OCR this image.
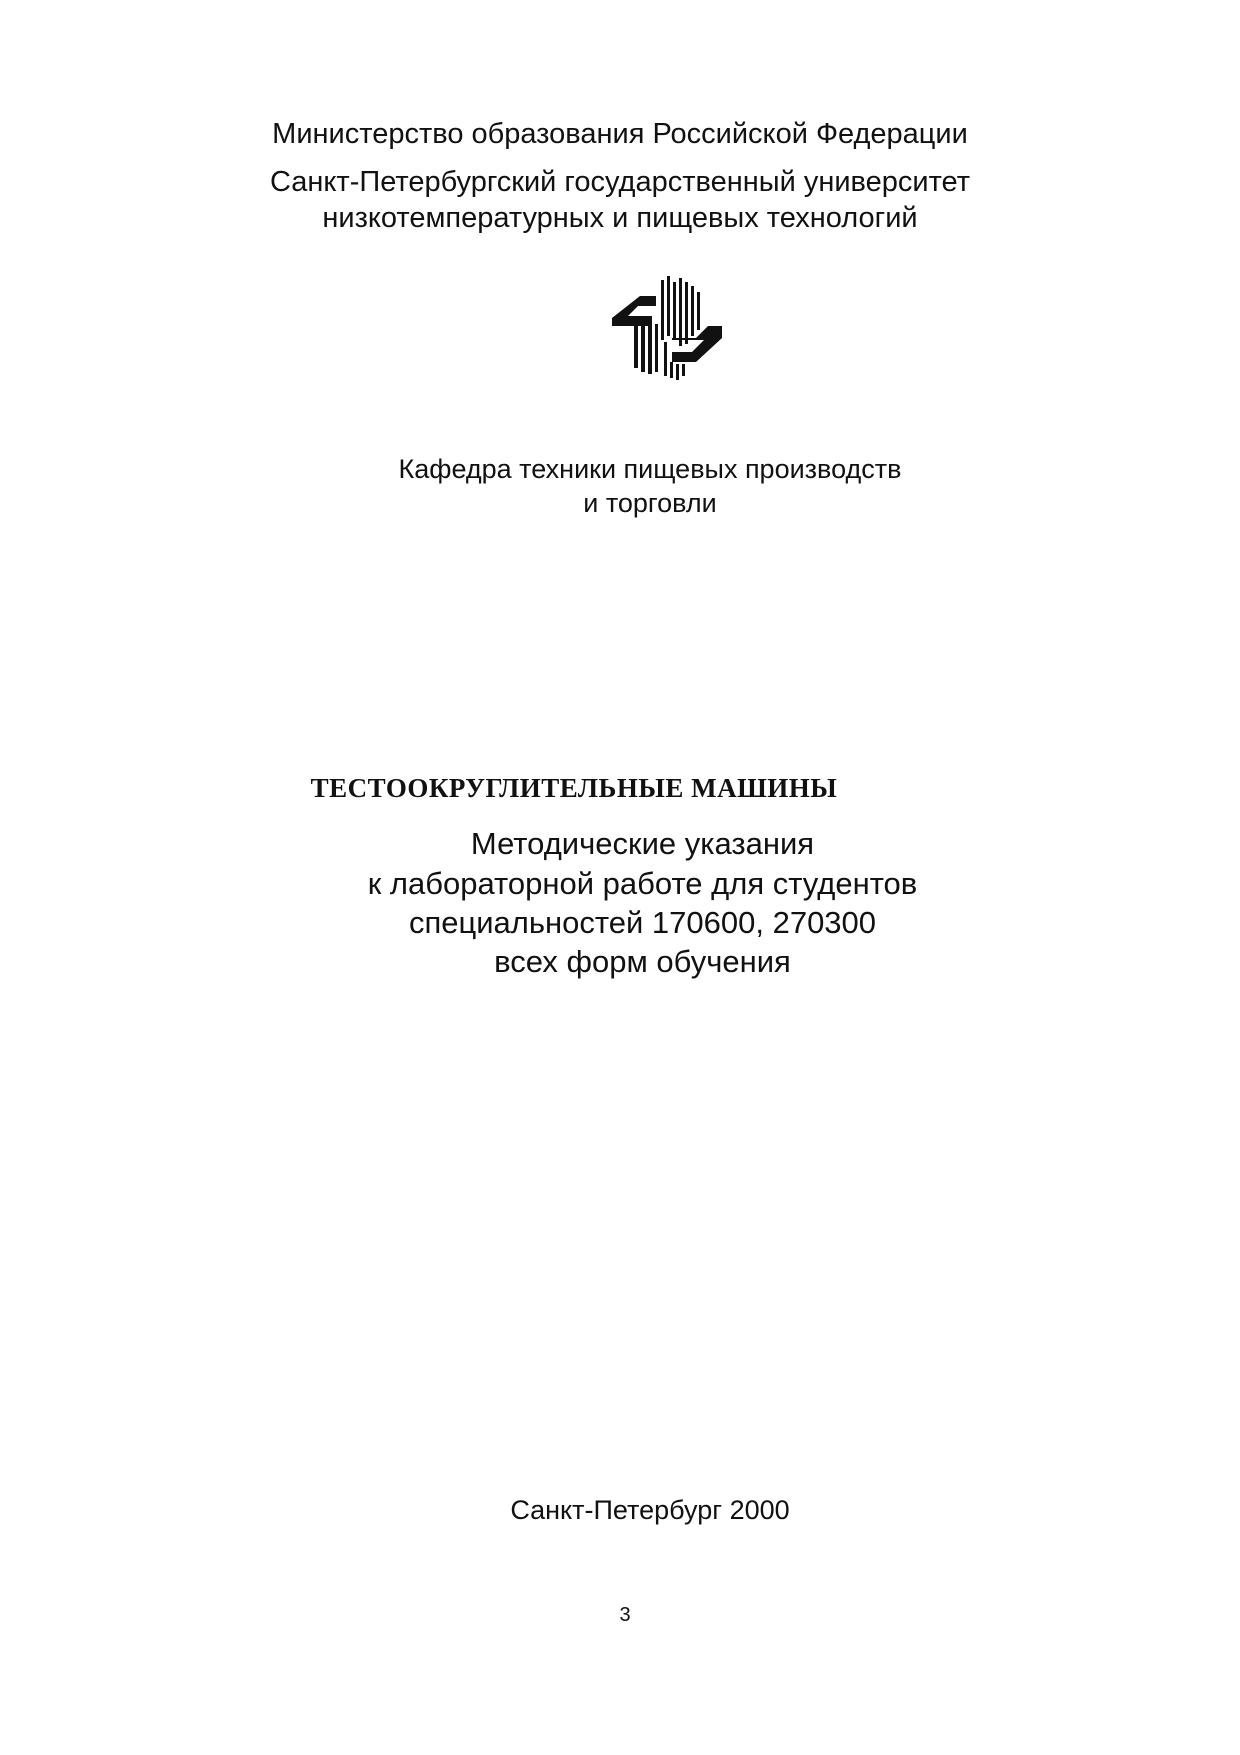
Министерство образования Российской Федерации
Санкт-Петербургский государственный университет
низкотемпературных и пищевых технологий
Кафедра техники пищевых производств
и торговли
ТЕСТООКРУГЛИТЕЛЬНЫЕ МАШИНЫ
Методические указания
к лабораторной работе для студентов
специальностей 170600, 270300
всех форм обучения
Санкт-Петербург 2000
3
